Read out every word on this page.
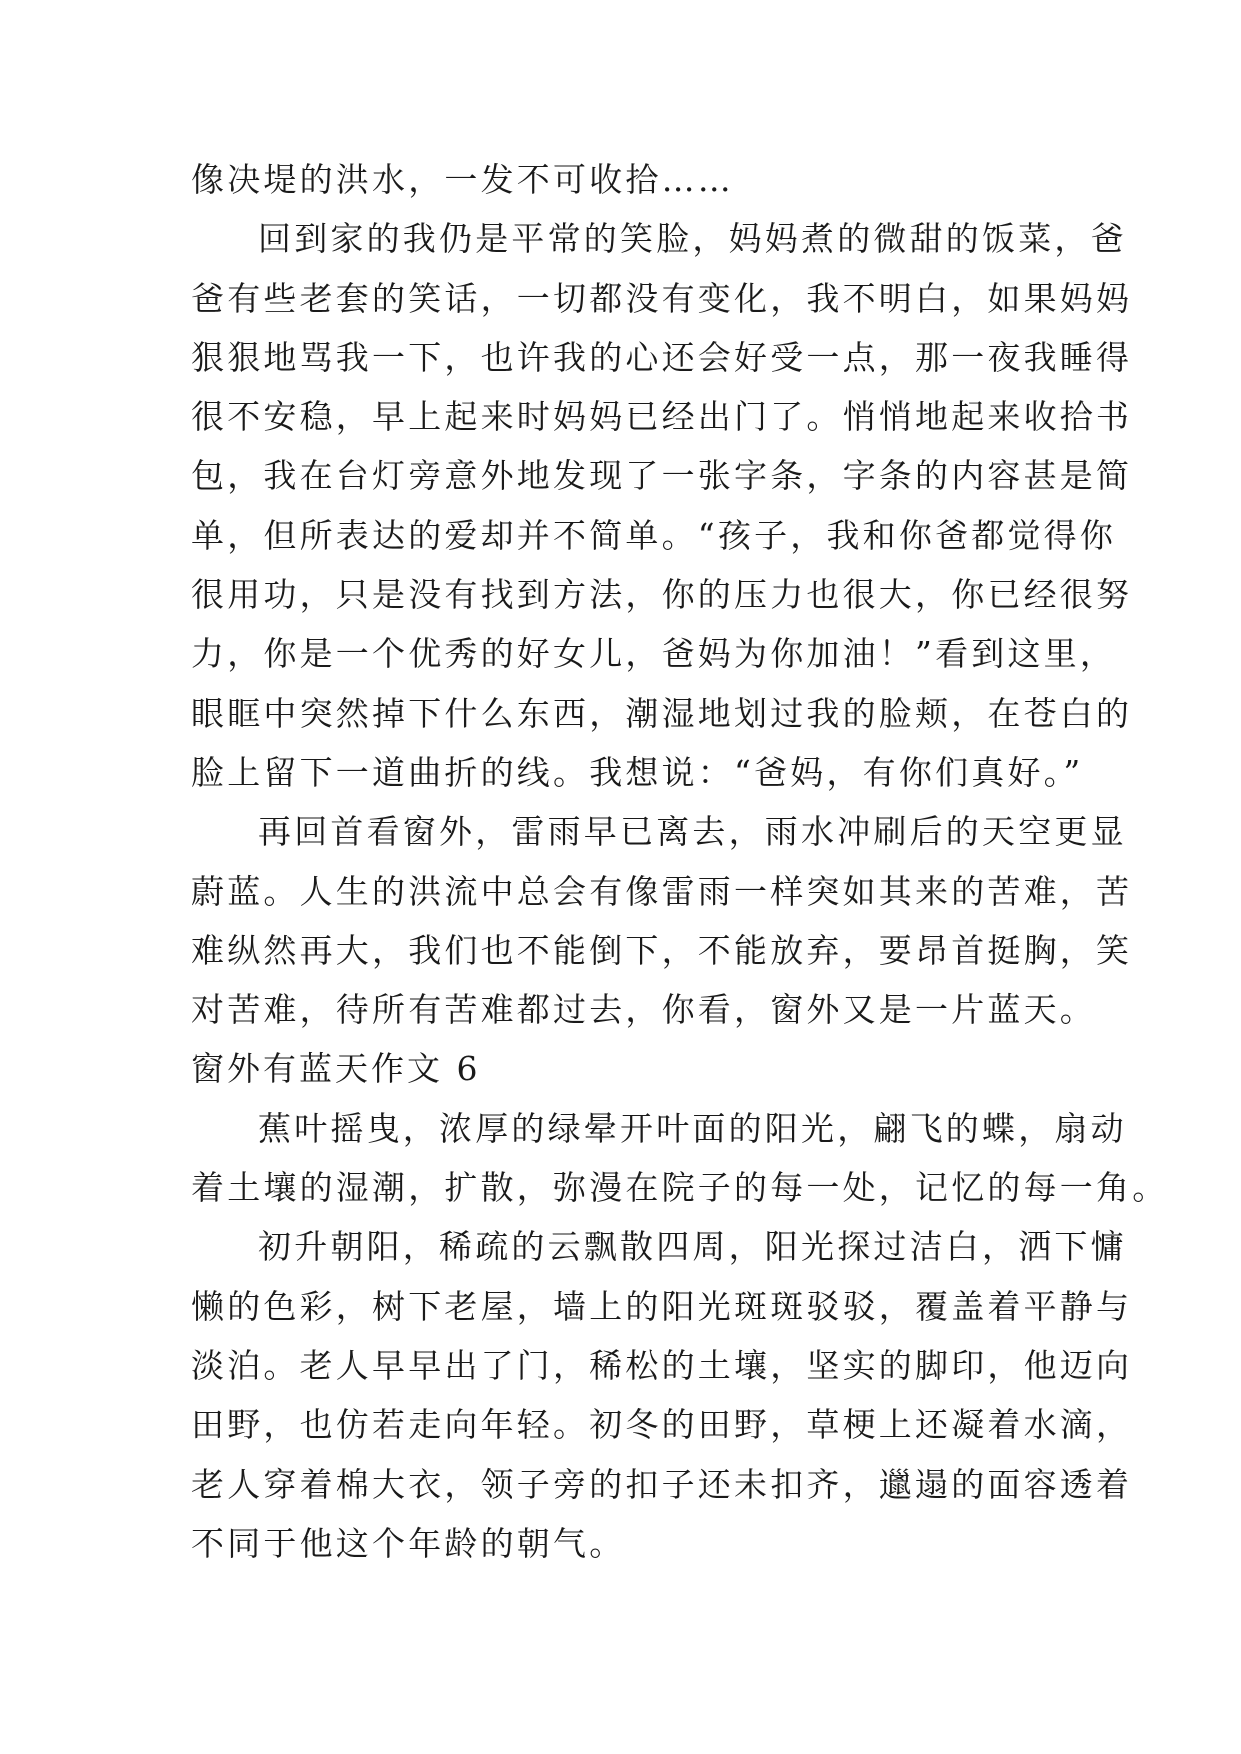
像决堤的洪水，一发不可收拾……
回到家的我仍是平常的笑脸，妈妈煮的微甜的饭菜，爸
爸有些老套的笑话，一切都没有变化，我不明白，如果妈妈
狠狠地骂我一下，也许我的心还会好受一点，那一夜我睡得
很不安稳，早上起来时妈妈已经出门了。悄悄地起来收拾书
包，我在台灯旁意外地发现了一张字条，字条的内容甚是简
单，但所表达的爱却并不简单。“孩子，我和你爸都觉得你
很用功，只是没有找到方法，你的压力也很大，你已经很努
力，你是一个优秀的好女儿，爸妈为你加油！”看到这里，
眼眶中突然掉下什么东西，潮湿地划过我的脸颊，在苍白的
脸上留下一道曲折的线。我想说：“爸妈，有你们真好。”
再回首看窗外，雷雨早已离去，雨水冲刷后的天空更显
蔚蓝。人生的洪流中总会有像雷雨一样突如其来的苦难，苦
难纵然再大，我们也不能倒下，不能放弃，要昂首挺胸，笑
对苦难，待所有苦难都过去，你看，窗外又是一片蓝天。
窗外有蓝天作文 6
蕉叶摇曳，浓厚的绿晕开叶面的阳光，翩飞的蝶，扇动
着土壤的湿潮，扩散，弥漫在院子的每一处，记忆的每一角。
初升朝阳，稀疏的云飘散四周，阳光探过洁白，洒下慵
懒的色彩，树下老屋，墙上的阳光斑斑驳驳，覆盖着平静与
淡泊。老人早早出了门，稀松的土壤，坚实的脚印，他迈向
田野，也仿若走向年轻。初冬的田野，草梗上还凝着水滴，
老人穿着棉大衣，领子旁的扣子还未扣齐，邋遢的面容透着
不同于他这个年龄的朝气。
